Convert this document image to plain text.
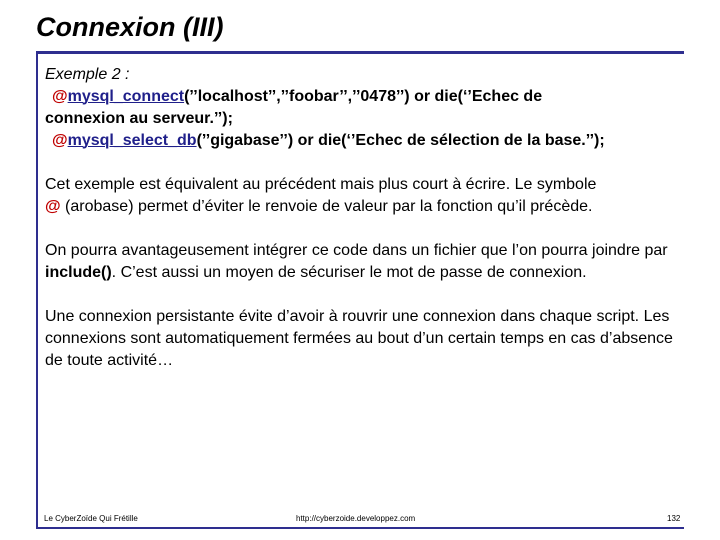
Connexion (III)

Exemple 2 :

@mysql_connect(’’localhost’’,’’foobar’’,’’0478’’) or die(‘’Echec de

connexion au serveur.’’);

@mysql_select_db(’’gigabase’’) or die(‘’Echec de sélection de la base.’’);

Cet exemple est équivalent au précédent mais plus court à écrire. Le symbole
@ (arobase) permet d’éviter le renvoie de valeur par la fonction qu’il précède.

On pourra avantageusement intégrer ce code dans un fichier que l’on pourra joindre par include(). C’est aussi un moyen de sécuriser le mot de passe de connexion.

Une connexion persistante évite d’avoir à rouvrir une connexion dans chaque script. Les connexions sont automatiquement fermées au bout d’un certain temps en cas d’absence de toute activité…

Le CyberZoïde Qui Frétille	http://cyberzoide.developpez.com	132
